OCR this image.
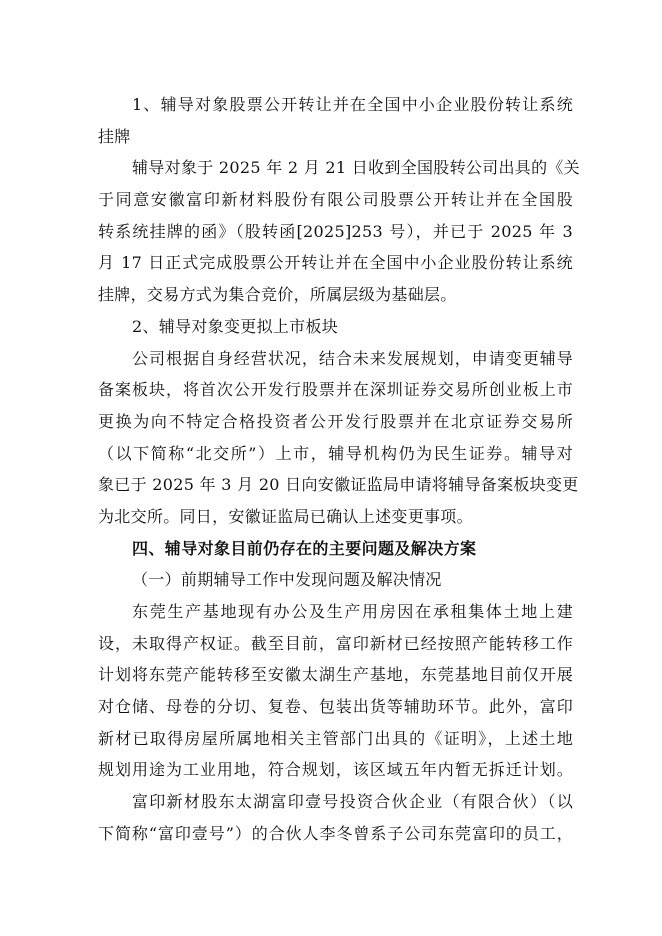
1、辅导对象股票公开转让并在全国中小企业股份转让系统
挂牌
辅导对象于 2025 年 2 月 21 日收到全国股转公司出具的《关
于同意安徽富印新材料股份有限公司股票公开转让并在全国股
转系统挂牌的函》（股转函[2025]253 号），并已于 2025 年 3
月 17 日正式完成股票公开转让并在全国中小企业股份转让系统
挂牌，交易方式为集合竞价，所属层级为基础层。
2、辅导对象变更拟上市板块
公司根据自身经营状况，结合未来发展规划，申请变更辅导
备案板块，将首次公开发行股票并在深圳证券交易所创业板上市
更换为向不特定合格投资者公开发行股票并在北京证券交易所
（以下简称“北交所”）上市，辅导机构仍为民生证券。辅导对
象已于 2025 年 3 月 20 日向安徽证监局申请将辅导备案板块变更
为北交所。同日，安徽证监局已确认上述变更事项。
四、辅导对象目前仍存在的主要问题及解决方案
（一）前期辅导工作中发现问题及解决情况
东莞生产基地现有办公及生产用房因在承租集体土地上建
设，未取得产权证。截至目前，富印新材已经按照产能转移工作
计划将东莞产能转移至安徽太湖生产基地，东莞基地目前仅开展
对仓储、母卷的分切、复卷、包装出货等辅助环节。此外，富印
新材已取得房屋所属地相关主管部门出具的《证明》，上述土地
规划用途为工业用地，符合规划，该区域五年内暂无拆迁计划。
富印新材股东太湖富印壹号投资合伙企业（有限合伙）（以
下简称“富印壹号”）的合伙人李冬曾系子公司东莞富印的员工，
